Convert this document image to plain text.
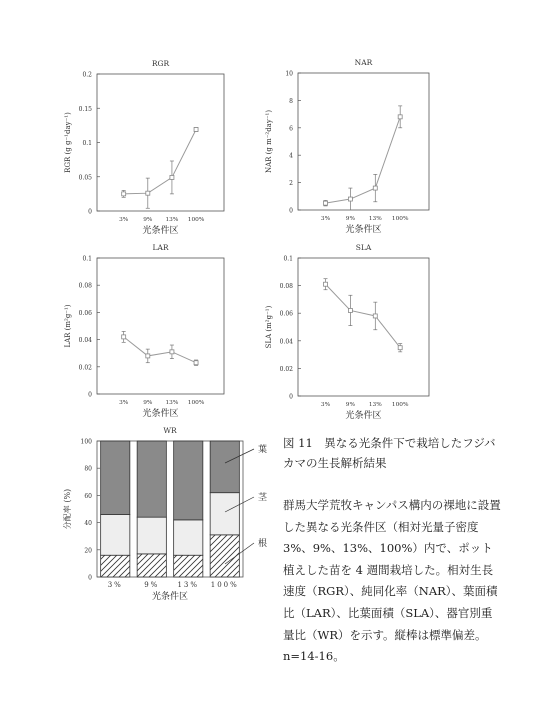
RGR
0
0.05
0.1
0.15
0.2
RGR (g g⁻¹day⁻¹)
光条件区
3%	9% 13% 100%
NAR
0
2
4
6
8
10
NAR (g m⁻²day⁻¹)
光条件区
3%	9% 13% 100%
LAR
0
0.02
0.04
0.06
0.08
0.1
LAR (m²g⁻¹)
光条件区
3%	9% 13% 100%
SLA
0
0.02
0.04
0.06
0.08
0.1
SLA (m²g⁻¹)
光条件区
3%	9% 13% 100%
WR
0
20
40
60
80
100
分配率 (%)
光条件区
3%	9%	13% 100%
根
茎
葉 図 11　異なる光条件下で栽培したフジバカマの生長解析結果

群馬大学荒牧キャンパス構内の裸地に設置した異なる光条件区（相対光量子密度 3%、9%、13%、100%）内で、ポット植えした苗を 4 週間栽培した。相対生長速度（RGR）、純同化率（NAR）、葉面積比（LAR）、比葉面積（SLA）、器官別重量比（WR）を示す。縦棒は標準偏差。

n=14-16。
